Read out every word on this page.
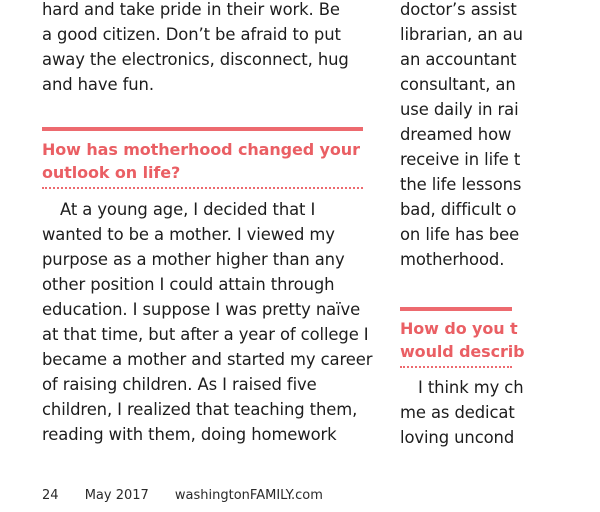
hard and take pride in their work. Be
a good citizen. Don’t be afraid to put
away the electronics, disconnect, hug
and have fun.
How has motherhood changed your
outlook on life?
At a young age, I decided that I
wanted to be a mother. I viewed my
purpose as a mother higher than any
other position I could attain through
education. I suppose I was pretty naïve
at that time, but after a year of college I
became a mother and started my career
of raising children. As I raised five
children, I realized that teaching them,
reading with them, doing homework
doctor’s assist
librarian, an au
an accountant
consultant, an
use daily in rai
dreamed how
receive in life t
the life lessons
bad, difficult o
on life has bee
motherhood.
How do you t
would describ
I think my ch
me as dedicat
loving uncond
24 May 2017 washingtonFAMILY.com
